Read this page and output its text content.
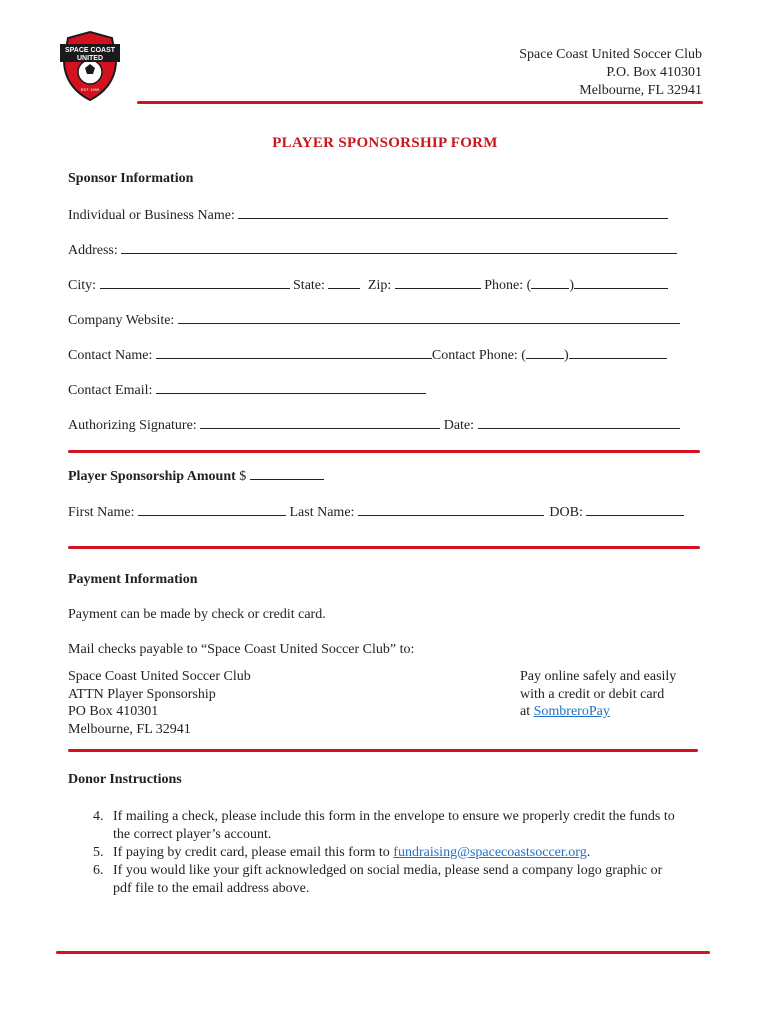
SPACE COAST
UNITED
EST. 1999
Space Coast United Soccer Club
P.O. Box 410301
Melbourne, FL 32941
PLAYER SPONSORSHIP FORM
Sponsor Information
Individual or Business Name:
Address:
City:	State:	Zip:	Phone: (	)
Company Website:
Contact Name:	Contact Phone: (	)
Contact Email:
Authorizing Signature:	Date:
Player Sponsorship Amount $
First Name:	Last Name:	DOB:
Payment Information
Payment can be made by check or credit card.
Mail checks payable to “Space Coast United Soccer Club” to:
Space Coast United Soccer Club
ATTN Player Sponsorship
PO Box 410301
Melbourne, FL 32941
Pay online safely and easily
with a credit or debit card
at SombreroPay
Donor Instructions
4. If mailing a check, please include this form in the envelope to ensure we properly credit the funds to
the correct player’s account.
5. If paying by credit card, please email this form to fundraising@spacecoastsoccer.org.
6. If you would like your gift acknowledged on social media, please send a company logo graphic or
pdf file to the email address above.
